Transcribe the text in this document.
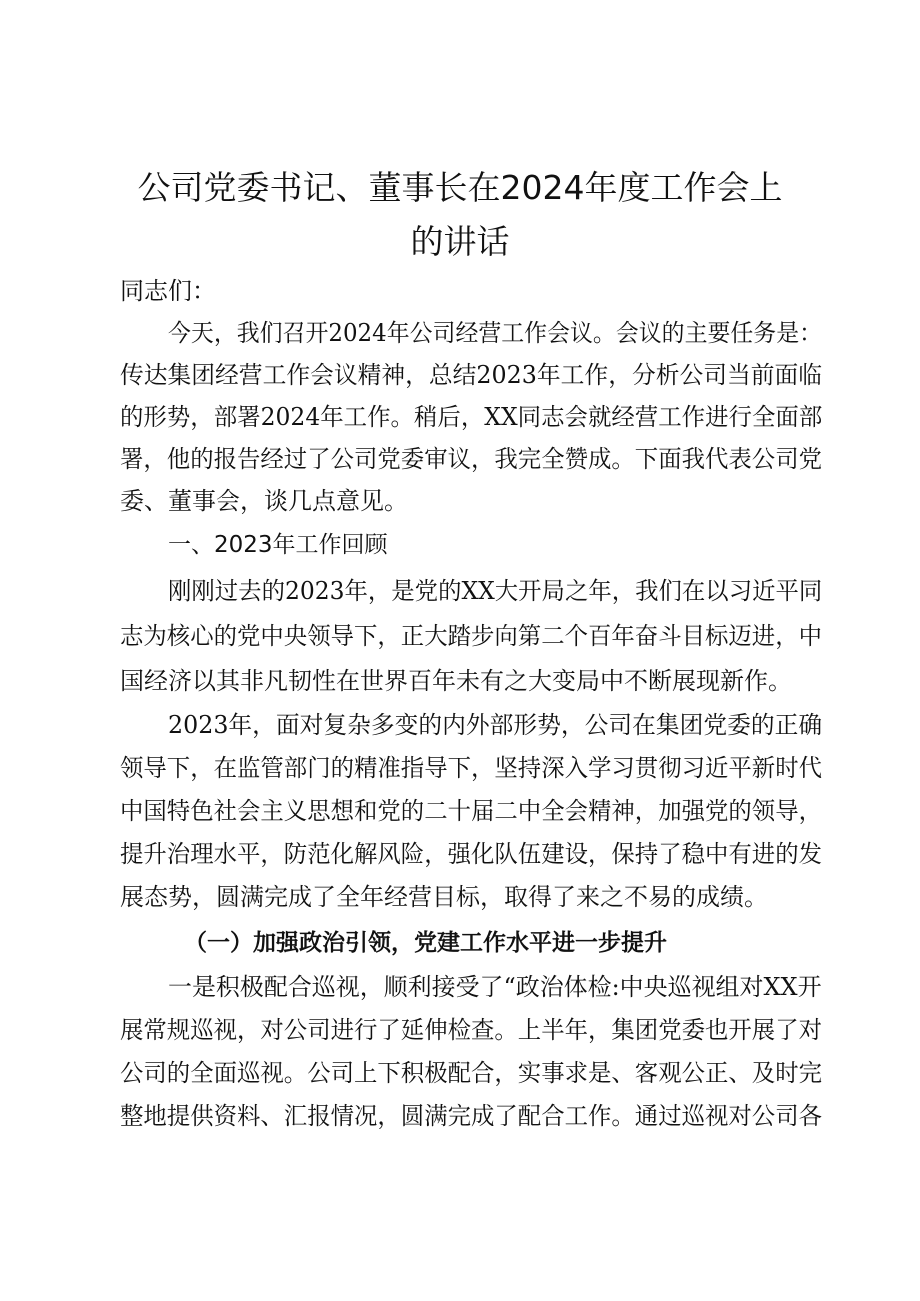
公司党委书记、董事长在2024年度工作会上
的讲话
同志们：
今天，我们召开2024年公司经营工作会议。会议的主要任务是：
传达集团经营工作会议精神，总结2023年工作，分析公司当前面临
的形势，部署2024年工作。稍后，XX同志会就经营工作进行全面部
署，他的报告经过了公司党委审议，我完全赞成。下面我代表公司党
委、董事会，谈几点意见。
一、2023年工作回顾
刚刚过去的2023年，是党的XX大开局之年，我们在以习近平同
志为核心的党中央领导下，正大踏步向第二个百年奋斗目标迈进，中
国经济以其非凡韧性在世界百年未有之大变局中不断展现新作。
2023年，面对复杂多变的内外部形势，公司在集团党委的正确
领导下，在监管部门的精准指导下，坚持深入学习贯彻习近平新时代
中国特色社会主义思想和党的二十届二中全会精神，加强党的领导，
提升治理水平，防范化解风险，强化队伍建设，保持了稳中有进的发
展态势，圆满完成了全年经营目标，取得了来之不易的成绩。
（一）加强政治引领，党建工作水平进一步提升
一是积极配合巡视，顺利接受了“政治体检:中央巡视组对XX开
展常规巡视，对公司进行了延伸检查。上半年，集团党委也开展了对
公司的全面巡视。公司上下积极配合，实事求是、客观公正、及时完
整地提供资料、汇报情况，圆满完成了配合工作。通过巡视对公司各
